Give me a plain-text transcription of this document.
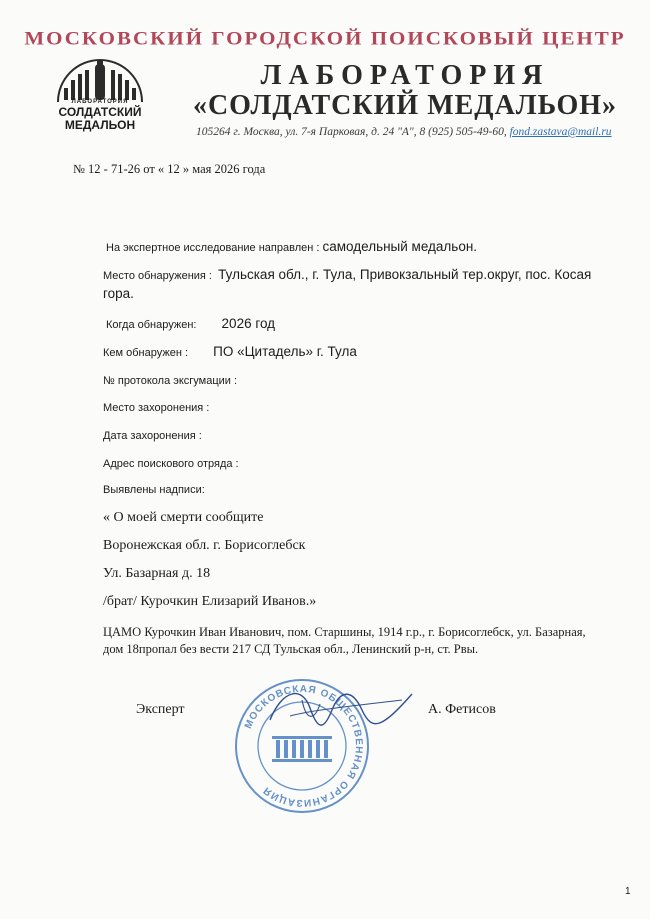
МОСКОВСКИЙ ГОРОДСКОЙ ПОИСКОВЫЙ ЦЕНТР
ЛАБОРАТОРИЯ
СОЛДАТСКИЙ
МЕДАЛЬОН
ЛАБОРАТОРИЯ
«СОЛДАТСКИЙ МЕДАЛЬОН»
105264 г. Москва, ул. 7-я Парковая, д. 24 "А", 8 (925) 505-49-60, fond.zastava@mail.ru
№ 12 - 71-26 от « 12 » мая 2026 года
На экспертное исследование направлен : самодельный медальон.
Место обнаружения : Тульская обл., г. Тула, Привокзальный тер.округ, пос. Косая
гора.
Когда обнаружен: 2026 год
Кем обнаружен : ПО «Цитадель» г. Тула
№ протокола эксгумации :
Место захоронения :
Дата захоронения :
Адрес поискового отряда :
Выявлены надписи:
« О моей смерти сообщите
Воронежская обл. г. Борисоглебск
Ул. Базарная д. 18
/брат/ Курочкин Елизарий Иванов.»
ЦАМО Курочкин Иван Иванович, пом. Старшины, 1914 г.р., г. Борисоглебск, ул. Базарная,
дом 18пропал без вести 217 СД Тульская обл., Ленинский р-н, ст. Рвы.
МОСКОВСКАЯ ОБЩЕСТВЕННАЯ ОРГАНИЗАЦИЯ
Эксперт	А. Фетисов
1
